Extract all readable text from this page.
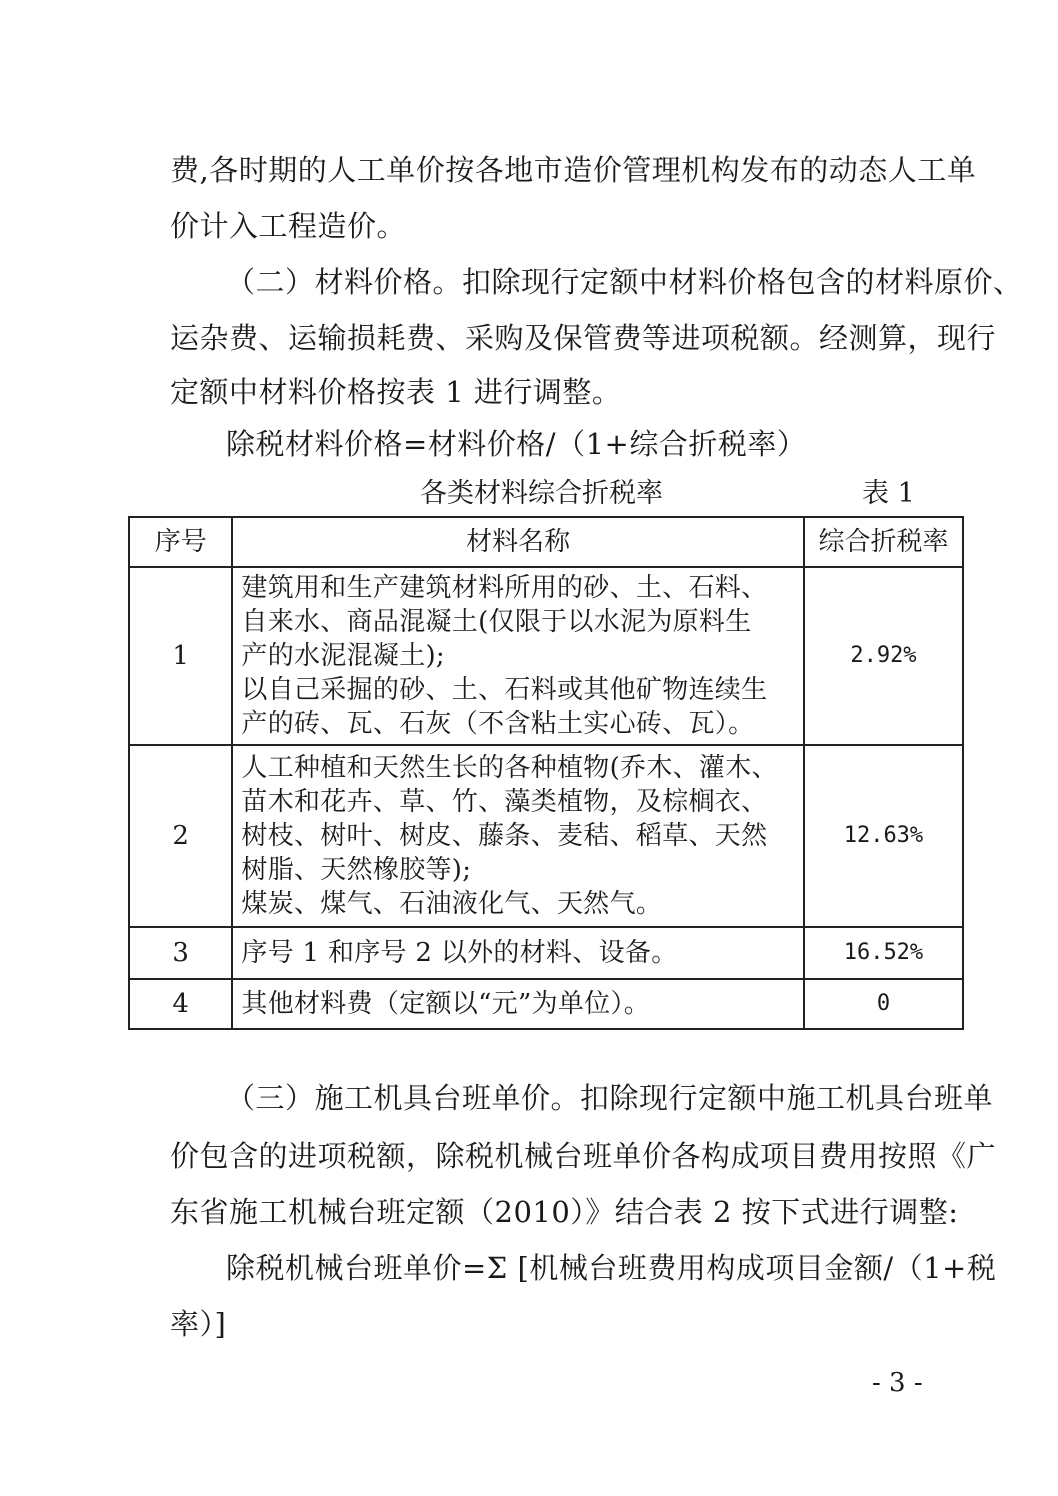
费,各时期的人工单价按各地市造价管理机构发布的动态人工单
价计入工程造价。
（二）材料价格。扣除现行定额中材料价格包含的材料原价、
运杂费、运输损耗费、采购及保管费等进项税额。经测算，现行
定额中材料价格按表 1 进行调整。
除税材料价格=材料价格/（1+综合折税率）
各类材料综合折税率	表 1
序号	材料名称	综合折税率
1	建筑用和生产建筑材料所用的砂、土、石料、
自来水、商品混凝土(仅限于以水泥为原料生
产的水泥混凝土);
以自己采掘的砂、土、石料或其他矿物连续生
产的砖、瓦、石灰（不含粘土实心砖、瓦）。	2.92%
2	人工种植和天然生长的各种植物(乔木、灌木、
苗木和花卉、草、竹、藻类植物，及棕榈衣、
树枝、树叶、树皮、藤条、麦秸、稻草、天然
树脂、天然橡胶等);
煤炭、煤气、石油液化气、天然气。	12.63%
3	序号 1 和序号 2 以外的材料、设备。	16.52%
4	其他材料费（定额以“元”为单位）。	0
（三）施工机具台班单价。扣除现行定额中施工机具台班单
价包含的进项税额，除税机械台班单价各构成项目费用按照《广
东省施工机械台班定额（2010）》结合表 2 按下式进行调整:
除税机械台班单价=Σ [机械台班费用构成项目金额/（1+税
率）]
- 3 -
